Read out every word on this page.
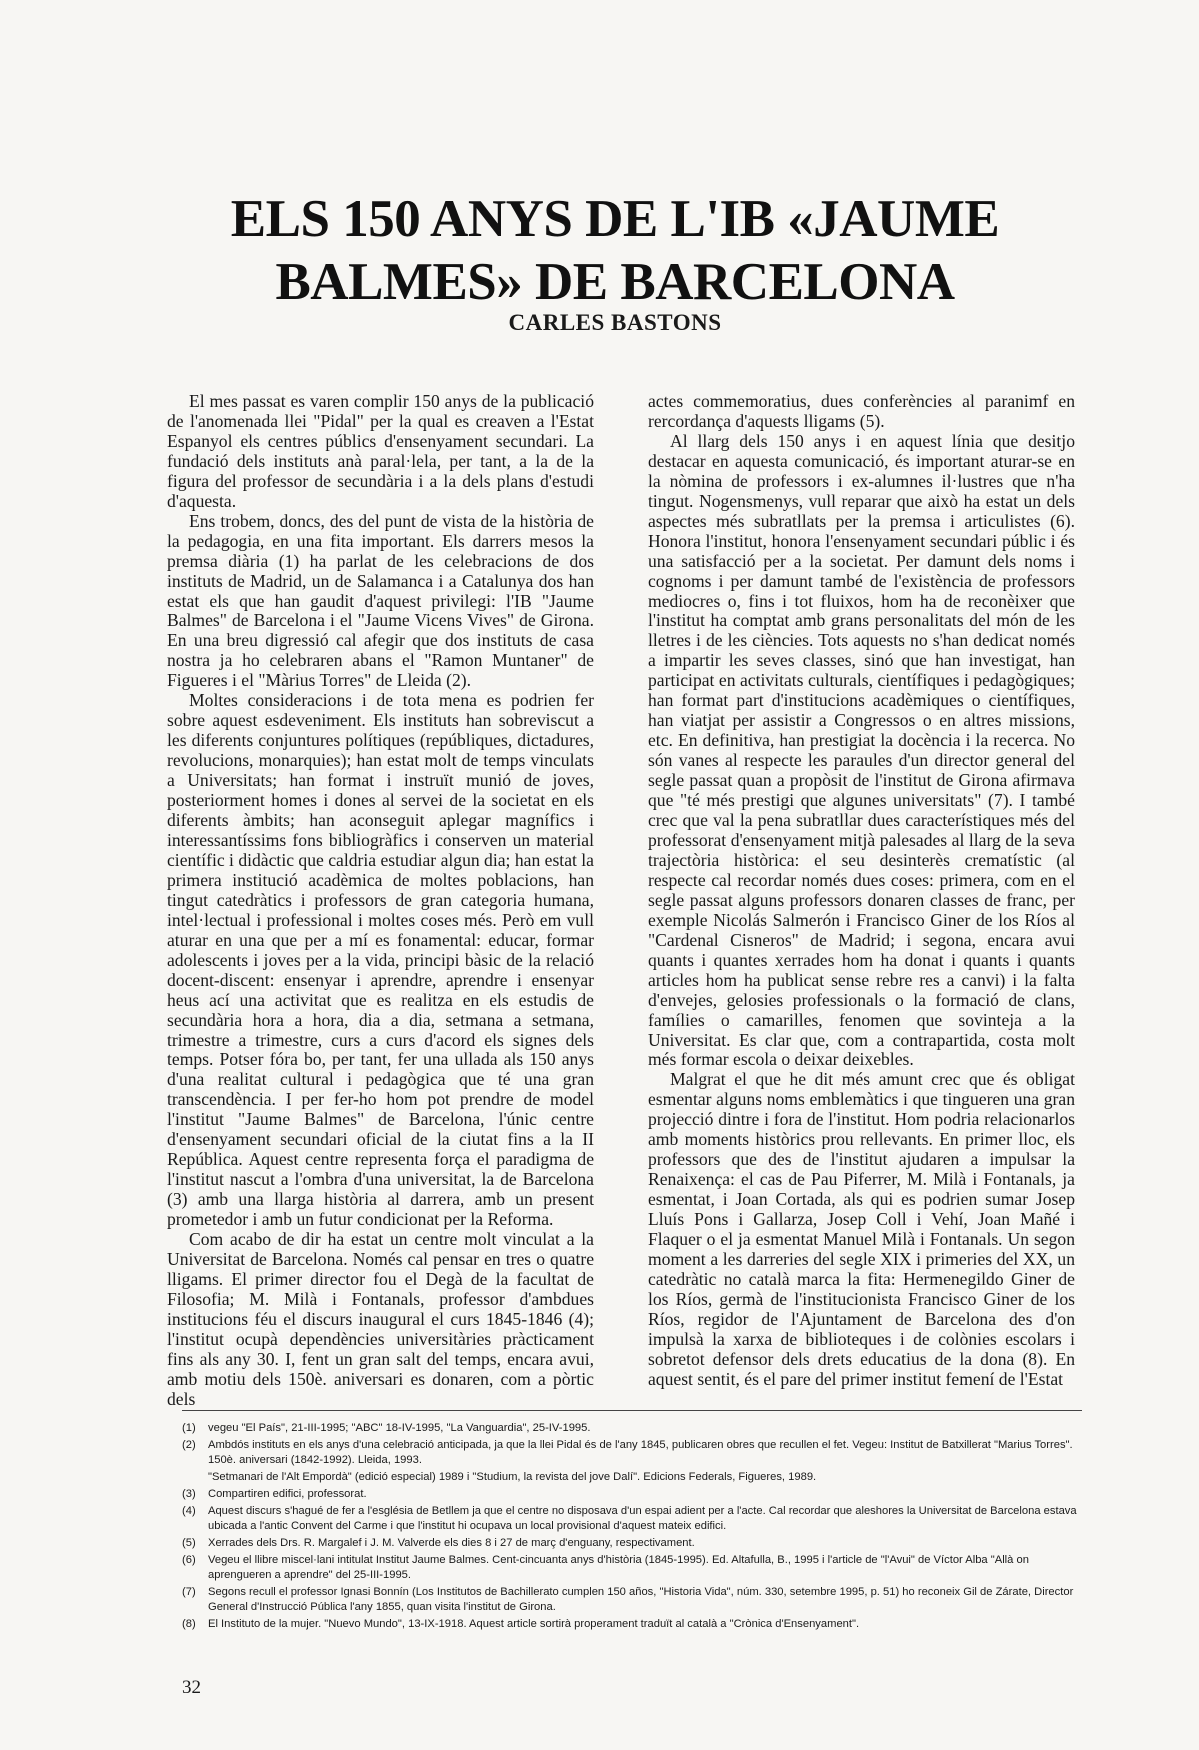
ELS 150 ANYS DE L'IB «JAUME
BALMES» DE BARCELONA
CARLES BASTONS

El mes passat es varen complir 150 anys de la publicació de l'anomenada llei "Pidal" per la qual es creaven a l'Estat Espanyol els centres públics d'ensenyament secundari. La fundació dels instituts anà paral·lela, per tant, a la de la figura del professor de secundària i a la dels plans d'estudi d'aquesta.

Ens trobem, doncs, des del punt de vista de la història de la pedagogia, en una fita important. Els darrers mesos la premsa diària (1) ha parlat de les celebracions de dos instituts de Madrid, un de Salamanca i a Catalunya dos han estat els que han gaudit d'aquest privilegi: l'IB "Jaume Balmes" de Barcelona i el "Jaume Vicens Vives" de Girona. En una breu digressió cal afegir que dos instituts de casa nostra ja ho celebraren abans el "Ramon Muntaner" de Figueres i el "Màrius Torres" de Lleida (2).

Moltes consideracions i de tota mena es podrien fer sobre aquest esdeveniment. Els instituts han sobreviscut a les diferents conjuntures polítiques (repúbliques, dictadures, revolucions, monarquies); han estat molt de temps vinculats a Universitats; han format i instruït munió de joves, posteriorment homes i dones al servei de la societat en els diferents àmbits; han aconseguit aplegar magnífics i interessantíssims fons bibliogràfics i conserven un material científic i didàctic que caldria estudiar algun dia; han estat la primera institució acadèmica de moltes poblacions, han tingut catedràtics i professors de gran categoria humana, intel·lectual i professional i moltes coses més. Però em vull aturar en una que per a mí es fonamental: educar, formar adolescents i joves per a la vida, principi bàsic de la relació docent-discent: ensenyar i aprendre, aprendre i ensenyar heus ací una activitat que es realitza en els estudis de secundària hora a hora, dia a dia, setmana a setmana, trimestre a trimestre, curs a curs d'acord els signes dels temps. Potser fóra bo, per tant, fer una ullada als 150 anys d'una realitat cultural i pedagògica que té una gran transcendència. I per fer-ho hom pot prendre de model l'institut "Jaume Balmes" de Barcelona, l'únic centre d'ensenyament secundari oficial de la ciutat fins a la II República. Aquest centre representa força el paradigma de l'institut nascut a l'ombra d'una universitat, la de Barcelona (3) amb una llarga història al darrera, amb un present prometedor i amb un futur condicionat per la Reforma.

Com acabo de dir ha estat un centre molt vinculat a la Universitat de Barcelona. Només cal pensar en tres o quatre lligams. El primer director fou el Degà de la facultat de Filosofia; M. Milà i Fontanals, professor d'ambdues institucions féu el discurs inaugural el curs 1845-1846 (4); l'institut ocupà dependències universitàries pràcticament fins als any 30. I, fent un gran salt del temps, encara avui, amb motiu dels 150è. aniversari es donaren, com a pòrtic dels

actes commemoratius, dues conferències al paranimf en rercordança d'aquests lligams (5).

Al llarg dels 150 anys i en aquest línia que desitjo destacar en aquesta comunicació, és important aturar-se en la nòmina de professors i ex-alumnes il·lustres que n'ha tingut. Nogensmenys, vull reparar que això ha estat un dels aspectes més subratllats per la premsa i articulistes (6). Honora l'institut, honora l'ensenyament secundari públic i és una satisfacció per a la societat. Per damunt dels noms i cognoms i per damunt també de l'existència de professors mediocres o, fins i tot fluixos, hom ha de reconèixer que l'institut ha comptat amb grans personalitats del món de les lletres i de les ciències. Tots aquests no s'han dedicat només a impartir les seves classes, sinó que han investigat, han participat en activitats culturals, científiques i pedagògiques; han format part d'institucions acadèmiques o científiques, han viatjat per assistir a Congressos o en altres missions, etc. En definitiva, han prestigiat la docència i la recerca. No són vanes al respecte les paraules d'un director general del segle passat quan a propòsit de l'institut de Girona afirmava que "té més prestigi que algunes universitats" (7). I també crec que val la pena subratllar dues característiques més del professorat d'ensenyament mitjà palesades al llarg de la seva trajectòria històrica: el seu desinterès crematístic (al respecte cal recordar només dues coses: primera, com en el segle passat alguns professors donaren classes de franc, per exemple Nicolás Salmerón i Francisco Giner de los Ríos al "Cardenal Cisneros" de Madrid; i segona, encara avui quants i quantes xerrades hom ha donat i quants i quants articles hom ha publicat sense rebre res a canvi) i la falta d'envejes, gelosies professionals o la formació de clans, famílies o camarilles, fenomen que sovinteja a la Universitat. Es clar que, com a contrapartida, costa molt més formar escola o deixar deixebles.

Malgrat el que he dit més amunt crec que és obligat esmentar alguns noms emblemàtics i que tingueren una gran projecció dintre i fora de l'institut. Hom podria relacionarlos amb moments històrics prou rellevants. En primer lloc, els professors que des de l'institut ajudaren a impulsar la Renaixença: el cas de Pau Piferrer, M. Milà i Fontanals, ja esmentat, i Joan Cortada, als qui es podrien sumar Josep Lluís Pons i Gallarza, Josep Coll i Vehí, Joan Mañé i Flaquer o el ja esmentat Manuel Milà i Fontanals. Un segon moment a les darreries del segle XIX i primeries del XX, un catedràtic no català marca la fita: Hermenegildo Giner de los Ríos, germà de l'institucionista Francisco Giner de los Ríos, regidor de l'Ajuntament de Barcelona des d'on impulsà la xarxa de biblioteques i de colònies escolars i sobretot defensor dels drets educatius de la dona (8). En aquest sentit, és el pare del primer institut femení de l'Estat

(1)	vegeu "El País", 21-III-1995; "ABC" 18-IV-1995, "La Vanguardia", 25-IV-1995.
(2)	Ambdós instituts en els anys d'una celebració anticipada, ja que la llei Pidal és de l'any 1845, publicaren obres que recullen el fet. Vegeu: Institut de Batxillerat "Marius Torres". 150è. aniversari (1842-1992). Lleida, 1993.
"Setmanari de l'Alt Empordà" (edició especial) 1989 i "Studium, la revista del jove Dalí". Edicions Federals, Figueres, 1989.
(3)	Compartiren edifici, professorat.
(4)	Aquest discurs s'hagué de fer a l'església de Betllem ja que el centre no disposava d'un espai adient per a l'acte. Cal recordar que aleshores la Universitat de Barcelona estava ubicada a l'antic Convent del Carme i que l'institut hi ocupava un local provisional d'aquest mateix edifici.
(5)	Xerrades dels Drs. R. Margalef i J. M. Valverde els dies 8 i 27 de març d'enguany, respectivament.
(6)	Vegeu el llibre miscel·lani intitulat Institut Jaume Balmes. Cent-cincuanta anys d'història (1845-1995). Ed. Altafulla, B., 1995 i l'article de "l'Avui" de Víctor Alba "Allà on aprengueren a aprendre" del 25-III-1995.
(7)	Segons recull el professor Ignasi Bonnín (Los Institutos de Bachillerato cumplen 150 años, "Historia Vida", núm. 330, setembre 1995, p. 51) ho reconeix Gil de Zárate, Director General d'Instrucció Pública l'any 1855, quan visita l'institut de Girona.
(8)	El Instituto de la mujer. "Nuevo Mundo", 13-IX-1918. Aquest article sortirà properament traduït al català a "Crònica d'Ensenyament".
32
